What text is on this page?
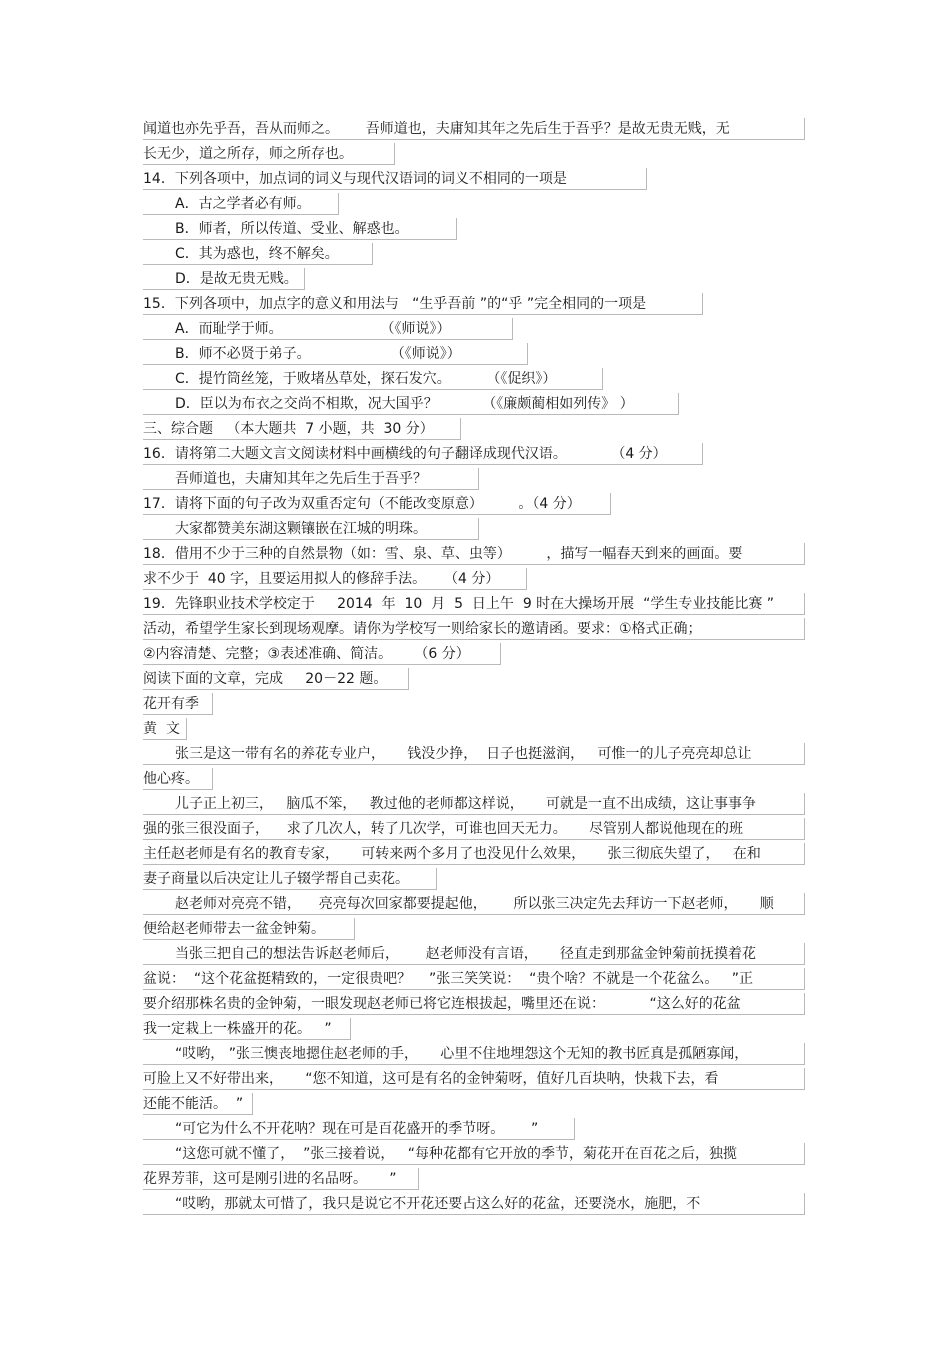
闻道也亦先乎吾，吾从而师之。      吾师道也，夫庸知其年之先后生于吾乎？是故无贵无贱，无
长无少，道之所存，师之所存也。
14．下列各项中，加点词的词义与现代汉语词的词义不相同的一项是
A．古之学者必有师。
B．师者，所以传道、受业、解惑也。
C．其为惑也，终不解矣。
D．是故无贵无贱。
15．下列各项中，加点字的意义和用法与   “生乎吾前 ”的“乎 ”完全相同的一项是
A．而耻学于师。                      （《师说》）
B．师不必贤于弟子。                  （《师说》）
C．提竹筒丝笼，于败堵丛草处，探石发穴。        （《促织》）
D．臣以为布衣之交尚不相欺，况大国乎？          （《廉颇蔺相如列传》 ）
三、综合题   （本大题共  7 小题，共  30 分）
16．请将第二大题文言文阅读材料中画横线的句子翻译成现代汉语。          （4 分）
吾师道也，夫庸知其年之先后生于吾乎？
17．请将下面的句子改为双重否定句（不能改变原意）        。（4 分）
大家都赞美东湖这颗镶嵌在江城的明珠。
18．借用不少于三种的自然景物（如：雪、泉、草、虫等）        ，描写一幅春天到来的画面。要
求不少于  40 字，且要运用拟人的修辞手法。    （4 分）
19．先锋职业技术学校定于     2014  年  10  月  5  日上午  9 时在大操场开展  “学生专业技能比赛 ”
活动，希望学生家长到现场观摩。请你为学校写一则给家长的邀请函。要求：①格式正确；
②内容清楚、完整；③表述准确、简洁。     （6 分）
阅读下面的文章，完成     20－22 题。
花开有季
黄  文
张三是这一带有名的养花专业户，     钱没少挣，  日子也挺滋润，   可惟一的儿子亮亮却总让
他心疼。
儿子正上初三，   脑瓜不笨，   教过他的老师都这样说，     可就是一直不出成绩，这让事事争
强的张三很没面子，    求了几次人，转了几次学，可谁也回天无力。     尽管别人都说他现在的班
主任赵老师是有名的教育专家，     可转来两个多月了也没见什么效果，     张三彻底失望了，   在和
妻子商量以后决定让儿子辍学帮自己卖花。
赵老师对亮亮不错，    亮亮每次回家都要提起他，      所以张三决定先去拜访一下赵老师，     顺
便给赵老师带去一盆金钟菊。
当张三把自己的想法告诉赵老师后，      赵老师没有言语，     径直走到那盆金钟菊前抚摸着花
盆说：  “这个花盆挺精致的，一定很贵吧？    ”张三笑笑说：  “贵个啥？不就是一个花盆么。   ”正
要介绍那株名贵的金钟菊，一眼发现赵老师已将它连根拔起，嘴里还在说：          “这么好的花盆
我一定栽上一株盛开的花。   ”
“哎哟， ”张三懊丧地摁住赵老师的手，     心里不住地埋怨这个无知的教书匠真是孤陋寡闻，
可脸上又不好带出来，     “您不知道，这可是有名的金钟菊呀，值好几百块呐，快栽下去，看
还能不能活。  ”
“可它为什么不开花呐？现在可是百花盛开的季节呀。      ”
“这您可就不懂了，  ”张三接着说，   “每种花都有它开放的季节，菊花开在百花之后，独揽
花界芳菲，这可是刚引进的名品呀。     ”
“哎哟，那就太可惜了，我只是说它不开花还要占这么好的花盆，还要浇水，施肥，不
